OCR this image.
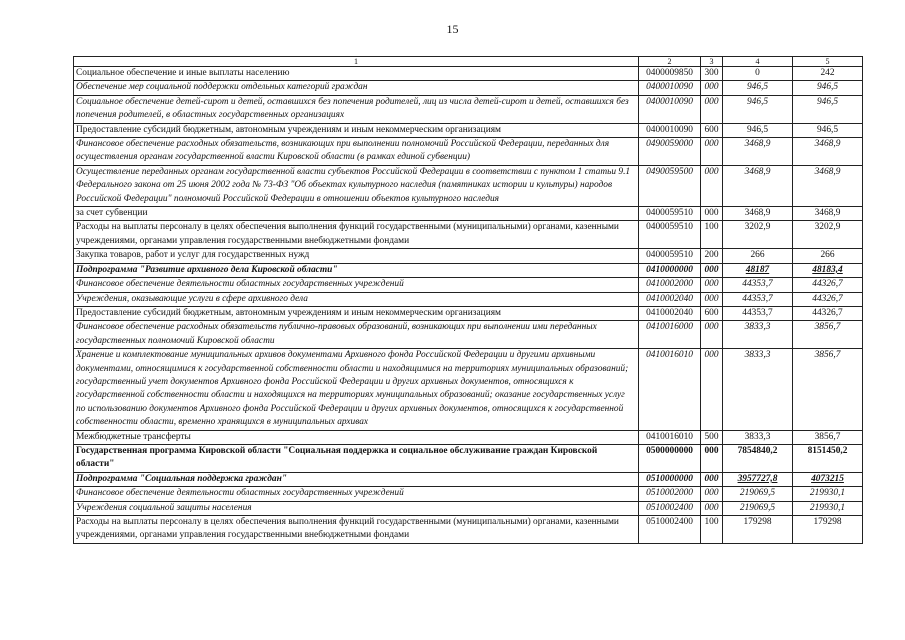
15
1	2	3	4	5
Социальное обеспечение и иные выплаты населению	0400009850	300	0	242
Обеспечение мер социальной поддержки отдельных категорий граждан	0400010090	000	946,5	946,5
Социальное обеспечение детей-сирот и детей, оставшихся без попечения родителей, лиц из числа детей-сирот и детей, оставшихся без попечения родителей, в областных государственных организациях	0400010090	000	946,5	946,5
Предоставление субсидий бюджетным, автономным учреждениям и иным некоммерческим организациям	0400010090	600	946,5	946,5
Финансовое обеспечение расходных обязательств, возникающих при выполнении полномочий Российской Федерации, переданных для осуществления органам государственной власти Кировской области (в рамках единой субвенции)	0490059000	000	3468,9	3468,9
Осуществление переданных органам государственной власти субъектов Российской Федерации в соответствии с пунктом 1 статьи 9.1 Федерального закона от 25 июня 2002 года № 73-ФЗ "Об объектах культурного наследия (памятниках истории и культуры) народов Российской Федерации" полномочий Российской Федерации в отношении объектов культурного наследия	0490059500	000	3468,9	3468,9
за счет субвенции	0400059510	000	3468,9	3468,9
Расходы на выплаты персоналу в целях обеспечения выполнения функций государственными (муниципальными) органами, казенными учреждениями, органами управления государственными внебюджетными фондами	0400059510	100	3202,9	3202,9
Закупка товаров, работ и услуг для государственных нужд	0400059510	200	266	266
Подпрограмма "Развитие архивного дела Кировской области"	0410000000	000	48187	48183,4
Финансовое обеспечение деятельности областных государственных учреждений	0410002000	000	44353,7	44326,7
Учреждения, оказывающие услуги в сфере архивного дела	0410002040	000	44353,7	44326,7
Предоставление субсидий бюджетным, автономным учреждениям и иным некоммерческим организациям	0410002040	600	44353,7	44326,7
Финансовое обеспечение расходных обязательств публично-правовых образований, возникающих при выполнении ими переданных государственных полномочий Кировской области	0410016000	000	3833,3	3856,7
Хранение и комплектование муниципальных архивов документами Архивного фонда Российской Федерации и другими архивными документами, относящимися к государственной собственности области и находящимися на территориях муниципальных образований; государственный учет документов Архивного фонда Российской Федерации и других архивных документов, относящихся к государственной собственности области и находящихся на территориях муниципальных образований; оказание государственных услуг по использованию документов Архивного фонда Российской Федерации и других архивных документов, относящихся к государственной собственности области, временно хранящихся в муниципальных архивах	0410016010	000	3833,3	3856,7
Межбюджетные трансферты	0410016010	500	3833,3	3856,7
Государственная программа Кировской области "Социальная поддержка и социальное обслуживание граждан Кировской области"	0500000000	000	7854840,2	8151450,2
Подпрограмма "Социальная поддержка граждан"	0510000000	000	3957727,8	4073215
Финансовое обеспечение деятельности областных государственных учреждений	0510002000	000	219069,5	219930,1
Учреждения социальной защиты населения	0510002400	000	219069,5	219930,1
Расходы на выплаты персоналу в целях обеспечения выполнения функций государственными (муниципальными) органами, казенными учреждениями, органами управления государственными внебюджетными фондами	0510002400	100	179298	179298
